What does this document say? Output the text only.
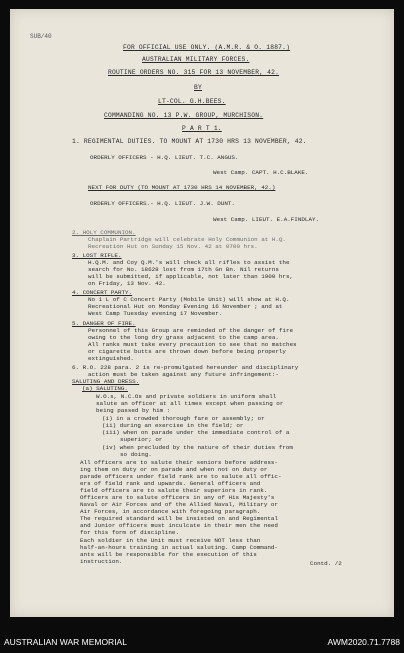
SUB/40
FOR OFFICIAL USE ONLY. (A.M.R. & O. 1887.)
AUSTRALIAN MILITARY FORCES.
ROUTINE ORDERS NO. 315 FOR 13 NOVEMBER, 42.
BY
LT-COL. G.H.BEES.
COMMANDING NO. 13 P.W. GROUP, MURCHISON.
P A R T 1.
1. REGIMENTAL DUTIES. TO MOUNT AT 1730 HRS 13 NOVEMBER, 42.
ORDERLY OFFICERS - H.Q. LIEUT. T.C. ANGUS.
West Camp. CAPT. H.C.BLAKE.
NEXT FOR DUTY (TO MOUNT AT 1730 HRS 14 NOVEMBER, 42.)
ORDERLY OFFICERS.- H.Q. LIEUT. J.W. DUNT.
West Camp. LIEUT. E.A.FINDLAY.
2. HOLY COMMUNION.
Chaplain Partridge will celebrate Holy Communion at H.Q.
Recreation Hut on Sunday 15 Nov. 42 at 0700 hrs.
3. LOST RIFLE.
H.Q.M. and Coy Q.M.'s will check all rifles to assist the
search for No. 18628 lost from 17th Gn Bn. Nil returns
will be submitted, if applicable, not later than 1900 hrs,
on Friday, 13 Nov. 42.
4. CONCERT PARTY.
No 1 L of C Concert Party (Mobile Unit) will show at H.Q.
Recreational Hut on Monday Evening 16 November ; and at
West Camp Tuesday evening 17 November.
5. DANGER OF FIRE.
Personnel of this Group are reminded of the danger of fire
owing to the long dry grass adjacent to the camp area.
All ranks must take every precaution to see that no matches
or cigarette butts are thrown down before being properly
extinguished.
6. R.O. 228 para. 2 is re-promulgated hereunder and disciplinary
action must be taken against any future infringement:-
SALUTING AND DRESS.
(a) SALUTING.
W.O.s, N.C.Os and private soldiers in uniform shall
salute an officer at all times except when passing or
being passed by him :
(i) in a crowded thorough fare or assembly; or
(ii) during an exercise in the field; or
(iii) when on parade under the immediate control of a
superior; or
(iv) when precluded by the nature of their duties from
so doing.
All officers are to salute their seniors before address-
ing them on duty or on parade and when not on duty or
parade officers under field rank are to salute all offic-
ers of field rank and upwards. General officers and
field officers are to salute their superiors in rank.
Officers are to salute officers in any of His Majesty's
Naval or Air Forces and of the Allied Naval, Military or
Air Forces, in accordance with foregoing paragraph.
The required standard will be insisted on and Regimental
and Junior officers must inculcate in their men the need
for this form of discipline.
Each soldier in the Unit must receive NOT less than
half-an-hours training in actual saluting. Camp Command-
ants will be responsible for the execution of this
instruction.	Contd. /2
AUSTRALIAN WAR MEMORIAL	AWM2020.71.7788
